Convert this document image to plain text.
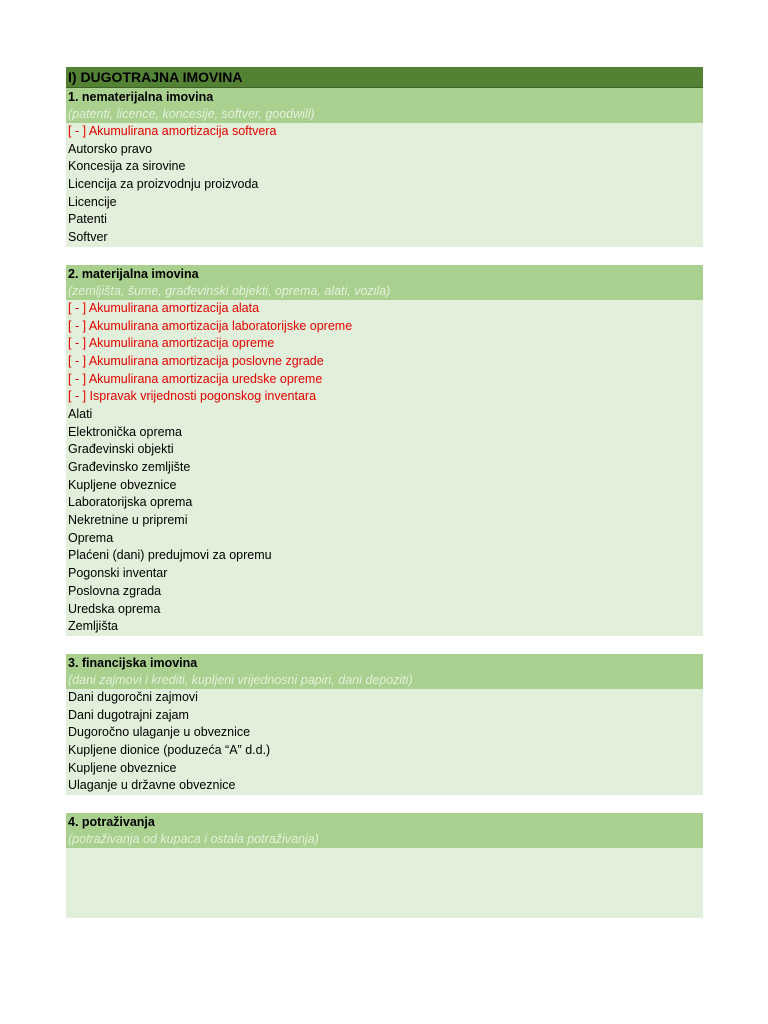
I) DUGOTRAJNA IMOVINA
1. nematerijalna imovina
(patenti, licence, koncesije, softver, goodwill)
[ - ] Akumulirana amortizacija softvera
Autorsko pravo
Koncesija za sirovine
Licencija za proizvodnju proizvoda
Licencije
Patenti
Softver
2. materijalna imovina
(zemljišta, šume, građevinski objekti, oprema, alati, vozila)
[ - ] Akumulirana amortizacija alata
[ - ] Akumulirana amortizacija laboratorijske opreme
[ - ] Akumulirana amortizacija opreme
[ - ] Akumulirana amortizacija poslovne zgrade
[ - ] Akumulirana amortizacija uredske opreme
[ - ] Ispravak vrijednosti pogonskog inventara
Alati
Elektronička oprema
Građevinski objekti
Građevinsko zemljište
Kupljene obveznice
Laboratorijska oprema
Nekretnine u pripremi
Oprema
Plaćeni (dani) predujmovi za opremu
Pogonski inventar
Poslovna zgrada
Uredska oprema
Zemljišta
3. financijska imovina
(dani zajmovi i krediti, kupljeni vrijednosni papiri, dani depoziti)
Dani dugoročni zajmovi
Dani dugotrajni zajam
Dugoročno ulaganje u obveznice
Kupljene dionice (poduzeća “A” d.d.)
Kupljene obveznice
Ulaganje u državne obveznice
4. potraživanja
(potraživanja od kupaca i ostala potraživanja)
